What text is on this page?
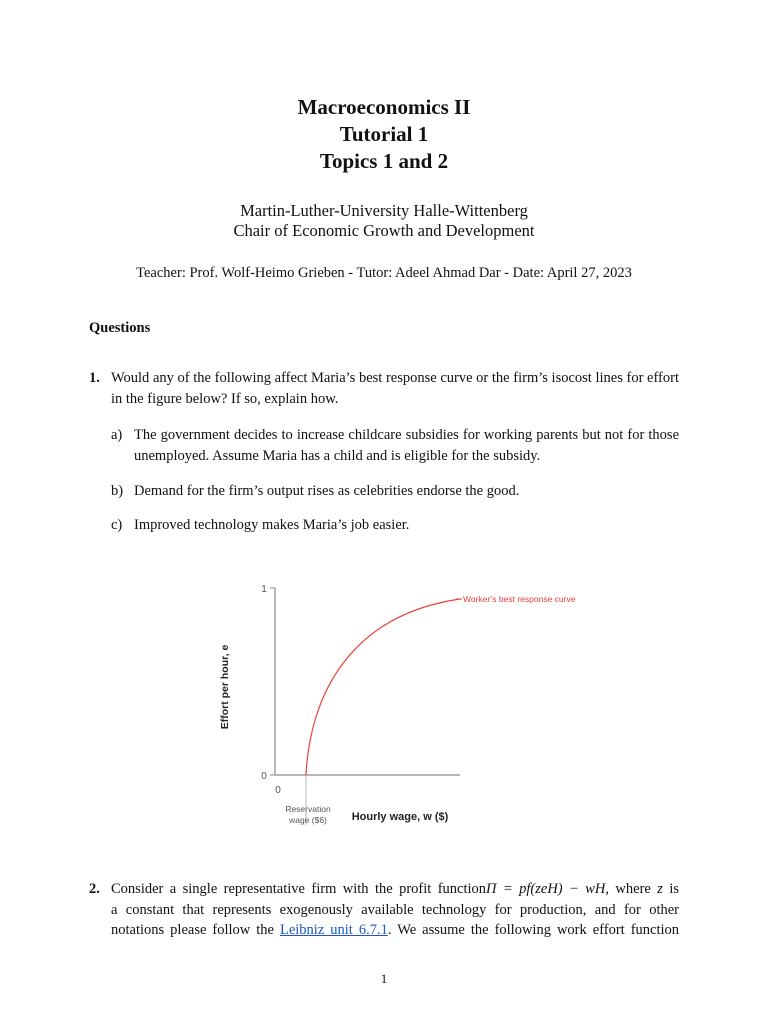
Macroeconomics II
Tutorial 1
Topics 1 and 2
Martin-Luther-University Halle-Wittenberg
Chair of Economic Growth and Development
Teacher: Prof. Wolf-Heimo Grieben - Tutor: Adeel Ahmad Dar - Date: April 27, 2023
Questions
1. Would any of the following affect Maria’s best response curve or the firm’s isocost lines for effort in the figure below? If so, explain how.
a) The government decides to increase childcare subsidies for working parents but not for those unemployed. Assume Maria has a child and is eligible for the subsidy.
b) Demand for the firm’s output rises as celebrities endorse the good.
c) Improved technology makes Maria’s job easier.
1
0
0
Effort per hour, e
Hourly wage, w ($)
Reservation
wage ($6)
Worker’s best response curve
2. Consider a single representative firm with the profit functionΠ = pf(zeH) − wH, where z is
a constant that represents exogenously available technology for production, and for other
notations please follow the Leibniz unit 6.7.1. We assume the following work effort function
1
